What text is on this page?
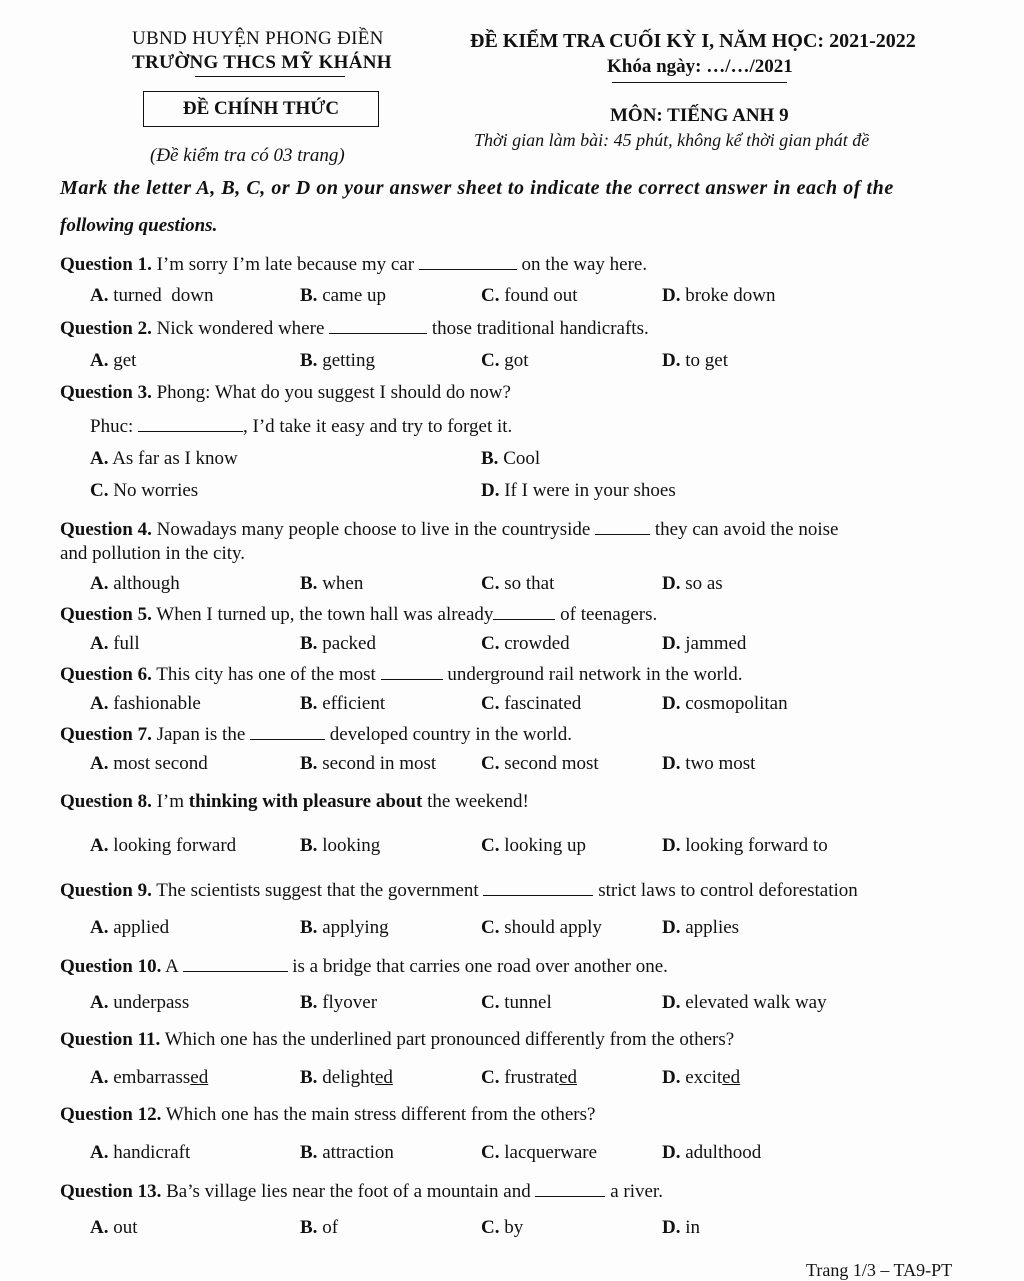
UBND HUYỆN PHONG ĐIỀN
TRƯỜNG THCS MỸ KHÁNH
ĐỀ CHÍNH THỨC
(Đề kiểm tra có 03 trang)
ĐỀ KIỂM TRA CUỐI KỲ I, NĂM HỌC: 2021-2022
Khóa ngày: …/…/2021
MÔN: TIẾNG ANH 9
Thời gian làm bài: 45 phút, không kể thời gian phát đề
Mark the letter A, B, C, or D on your answer sheet to indicate the correct answer in each of the
following questions.
Question 1. I’m sorry I’m late because my car	on the way here.
A. turned  down	B. came up	C. found out	D. broke down
Question 2. Nick wondered where	those traditional handicrafts.
A. get	B. getting	C. got	D. to get
Question 3. Phong: What do you suggest I should do now?
Phuc:	, I’d take it easy and try to forget it.
A. As far as I know	B. Cool
C. No worries	D. If I were in your shoes
Question 4. Nowadays many people choose to live in the countryside	they can avoid the noise
and pollution in the city.
A. although	B. when	C. so that	D. so as
Question 5. When I turned up, the town hall was already	of teenagers.
A. full	B. packed	C. crowded	D. jammed
Question 6. This city has one of the most	underground rail network in the world.
A. fashionable	B. efficient	C. fascinated	D. cosmopolitan
Question 7. Japan is the	developed country in the world.
A. most second	B. second in most C. second most	D. two most
Question 8. I’m thinking with pleasure about the weekend!
A. looking forward	B. looking	C. looking up	D. looking forward to
Question 9. The scientists suggest that the government	strict laws to control deforestation
A. applied	B. applying	C. should apply	D. applies
Question 10. A	is a bridge that carries one road over another one.
A. underpass	B. flyover	C. tunnel	D. elevated walk way
Question 11. Which one has the underlined part pronounced differently from the others?
A. embarrassed	B. delighted	C. frustrated	D. excited
Question 12. Which one has the main stress different from the others?
A. handicraft	B. attraction	C. lacquerware	D. adulthood
Question 13. Ba’s village lies near the foot of a mountain and	a river.
A. out	B. of	C. by	D. in
Trang 1/3 – TA9-PT
